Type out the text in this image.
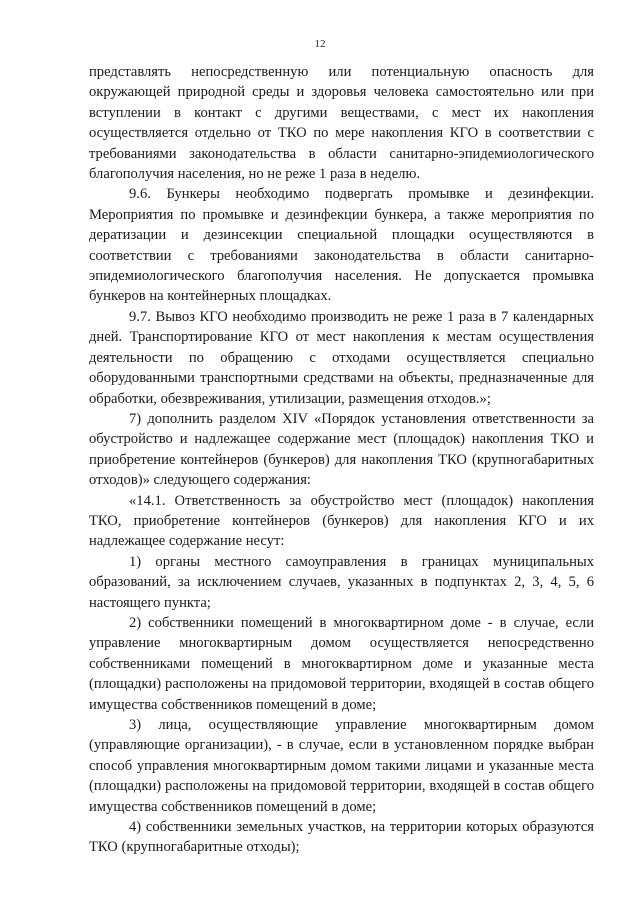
12

представлять непосредственную или потенциальную опасность для окружающей природной среды и здоровья человека самостоятельно или при вступлении в контакт с другими веществами, с мест их накопления осуществляется отдельно от ТКО по мере накопления КГО в соответствии с требованиями законодательства в области санитарно-эпидемиологического благополучия населения, но не реже 1 раза в неделю.

9.6. Бункеры необходимо подвергать промывке и дезинфекции. Мероприятия по промывке и дезинфекции бункера, а также мероприятия по дератизации и дезинсекции специальной площадки осуществляются в соответствии с требованиями законодательства в области санитарно-эпидемиологического благополучия населения. Не допускается промывка бункеров на контейнерных площадках.

9.7. Вывоз КГО необходимо производить не реже 1 раза в 7 календарных дней. Транспортирование КГО от мест накопления к местам осуществления деятельности по обращению с отходами осуществляется специально оборудованными транспортными средствами на объекты, предназначенные для обработки, обезвреживания, утилизации, размещения отходов.»;

7) дополнить разделом XIV «Порядок установления ответственности за обустройство и надлежащее содержание мест (площадок) накопления ТКО и приобретение контейнеров (бункеров) для накопления ТКО (крупногабаритных отходов)» следующего содержания:

«14.1. Ответственность за обустройство мест (площадок) накопления ТКО, приобретение контейнеров (бункеров) для накопления КГО и их надлежащее содержание несут:

1) органы местного самоуправления в границах муниципальных образований, за исключением случаев, указанных в подпунктах 2, 3, 4, 5, 6 настоящего пункта;

2) собственники помещений в многоквартирном доме - в случае, если управление многоквартирным домом осуществляется непосредственно собственниками помещений в многоквартирном доме и указанные места (площадки) расположены на придомовой территории, входящей в состав общего имущества собственников помещений в доме;

3) лица, осуществляющие управление многоквартирным домом (управляющие организации), - в случае, если в установленном порядке выбран способ управления многоквартирным домом такими лицами и указанные места (площадки) расположены на придомовой территории, входящей в состав общего имущества собственников помещений в доме;

4) собственники земельных участков, на территории которых образуются ТКО (крупногабаритные отходы);
